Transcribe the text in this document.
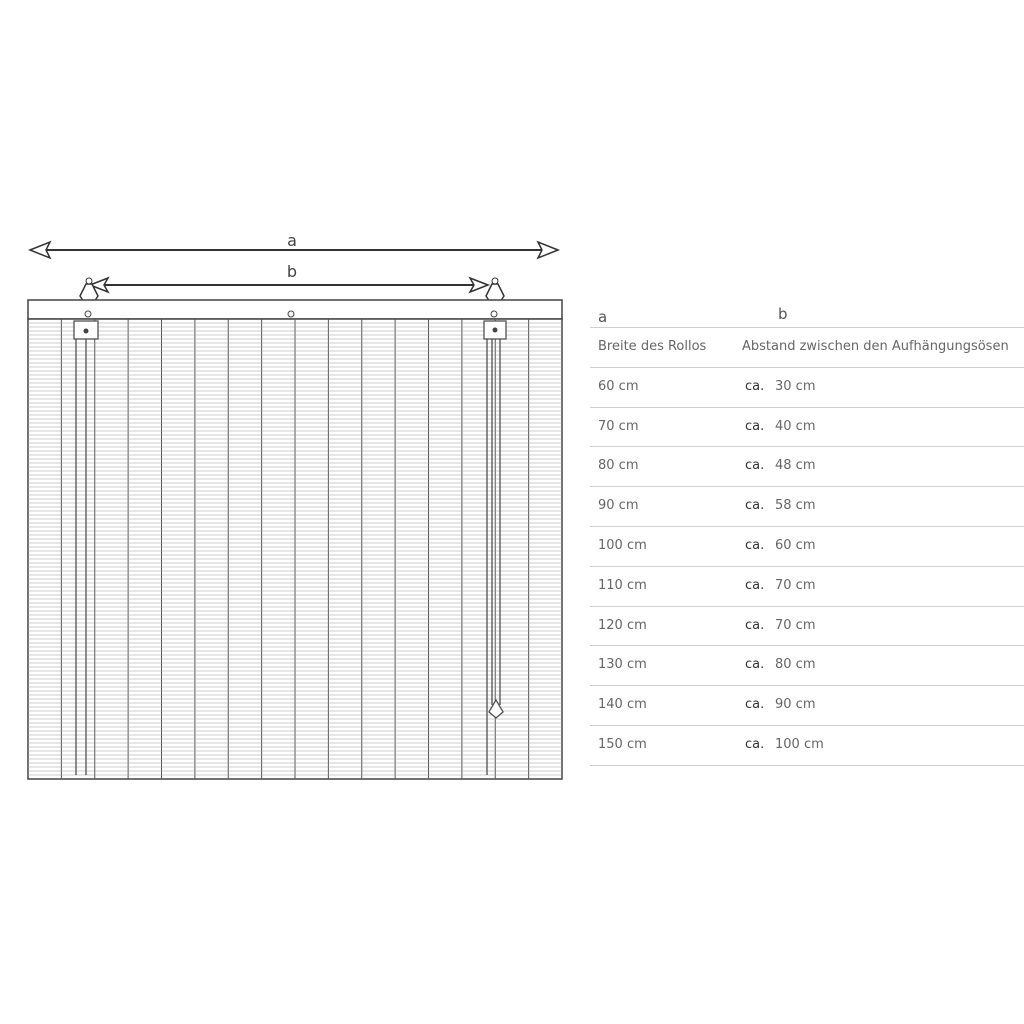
a
b
a	b
Breite des Rollos	Abstand zwischen den Aufhängungsösen
60 cm	ca. 30 cm
70 cm	ca. 40 cm
80 cm	ca. 48 cm
90 cm	ca. 58 cm
100 cm	ca. 60 cm
110 cm	ca. 70 cm
120 cm	ca. 70 cm
130 cm	ca. 80 cm
140 cm	ca. 90 cm
150 cm	ca. 100 cm
